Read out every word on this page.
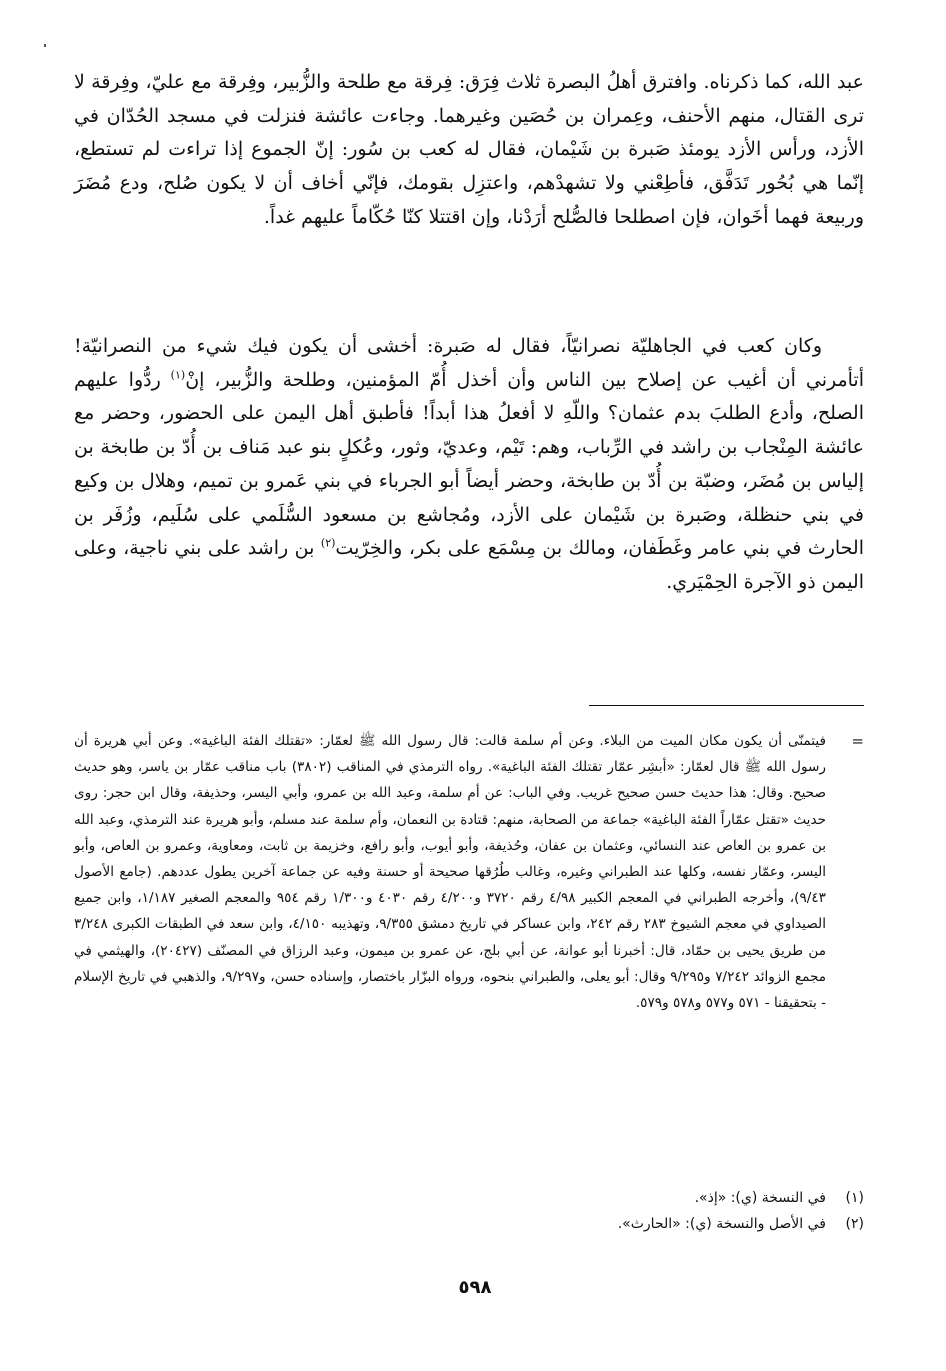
عبد الله، كما ذكرناه. وافترق أهلُ البصرة ثلاث فِرَق: فِرقة مع طلحة والزُّبير، وفِرقة مع عليّ، وفِرقة لا ترى القتال، منهم الأحنف، وعِمران بن حُصَين وغيرهما. وجاءت عائشة فنزلت في مسجد الحُدّان في الأزد، ورأس الأزد يومئذ صَبرة بن شَيْمان، فقال له كعب بن سُور: إنّ الجموع إذا تراءت لم تستطع، إنّما هي بُحُور تَدَفَّق، فأطِعْني ولا تشهدْهم، واعتزِل بقومك، فإنّي أخاف أن لا يكون صُلح، ودع مُضَرَ وربيعة فهما أخَوان، فإن اصطلحا فالصُّلح أرَدْنا، وإن اقتتلا كنّا حُكّاماً عليهم غداً.

وكان كعب في الجاهليّة نصرانيّاً، فقال له صَبرة: أخشى أن يكون فيك شيء من النصرانيّة! أتأمرني أن أغيب عن إصلاح بين الناس وأن أخذل أُمّ المؤمنين، وطلحة والزُّبير، إنْ$^{(١)}$ ردُّوا عليهم الصلح، وأدع الطلبَ بدم عثمان؟ واللّهِ لا أفعلُ هذا أبداً! فأطبق أهل اليمن على الحضور، وحضر مع عائشة المِنْجاب بن راشد في الرِّباب، وهم: تَيْم، وعديّ، وثور، وعُكلٍ بنو عبد مَناف بن أُدّ بن طابخة بن إلياس بن مُضَر، وضبّة بن أُدّ بن طابخة، وحضر أيضاً أبو الجرباء في بني عَمرو بن تميم، وهلال بن وكيع في بني حنظلة، وصَبرة بن شَيْمان على الأزد، ومُجاشع بن مسعود السُّلَمي على سُلَيم، وزُفَر بن الحارث في بني عامر وغَطَفان، ومالك بن مِسْمَع على بكر، والخِرّيت$^{(٢)}$ بن راشد على بني ناجية، وعلى اليمن ذو الآجرة الحِمْيَري.

=

فيتمنّى أن يكون مكان الميت من البلاء. وعن أم سلمة قالت: قال رسول الله ﷺ لعمّار: «تقتلك الفئة الباغية». وعن أبي هريرة أن رسول الله ﷺ قال لعمّار: «أبشِر عمّار تقتلك الفئة الباغية». رواه الترمذي في المناقب (٣٨٠٢) باب مناقب عمّار بن ياسر، وهو حديث صحيح. وقال: هذا حديث حسن صحيح غريب. وفي الباب: عن أم سلمة، وعبد الله بن عمرو، وأبي اليسر، وحذيفة، وقال ابن حجر: روى حديث «تقتل عمّاراً الفئة الباغية» جماعة من الصحابة، منهم: قتادة بن النعمان، وأم سلمة عند مسلم، وأبو هريرة عند الترمذي، وعبد الله بن عمرو بن العاص عند النسائي، وعثمان بن عفان، وحُذيفة، وأبو أيوب، وأبو رافع، وخزيمة بن ثابت، ومعاوية، وعمرو بن العاص، وأبو اليسر، وعمّار نفسه، وكلها عند الطبراني وغيره، وغالب طُرُقها صحيحة أو حسنة وفيه عن جماعة آخرين يطول عددهم. (جامع الأصول ٩/٤٣)، وأخرجه الطبراني في المعجم الكبير ٤/٩٨ رقم ٣٧٢٠ و٤/٢٠٠ رقم ٤٠٣٠ و١/٣٠٠ رقم ٩٥٤ والمعجم الصغير ١/١٨٧، وابن جميع الصيداوي في معجم الشيوخ ٢٨٣ رقم ٢٤٢، وابن عساكر في تاريخ دمشق ٩/٣٥٥، وتهذيبه ٤/١٥٠، وابن سعد في الطبقات الكبرى ٣/٢٤٨ من طريق يحيى بن حمّاد، قال: أخبرنا أبو عوانة، عن أبي بلج، عن عمرو بن ميمون، وعبد الرزاق في المصنّف (٢٠٤٢٧)، والهيثمي في مجمع الزوائد ٧/٢٤٢ و٩/٢٩٥ وقال: أبو يعلى، والطبراني بنحوه، ورواه البزّار باختصار، وإسناده حسن، و٩/٢٩٧، والذهبي في تاريخ الإسلام - بتحقيقنا - ٥٧١ و٥٧٧ و٥٧٨ و٥٧٩.

(١)
في النسخة (ي): «إذ».
(٢)
في الأصل والنسخة (ي): «الحارث».
٥٩٨
